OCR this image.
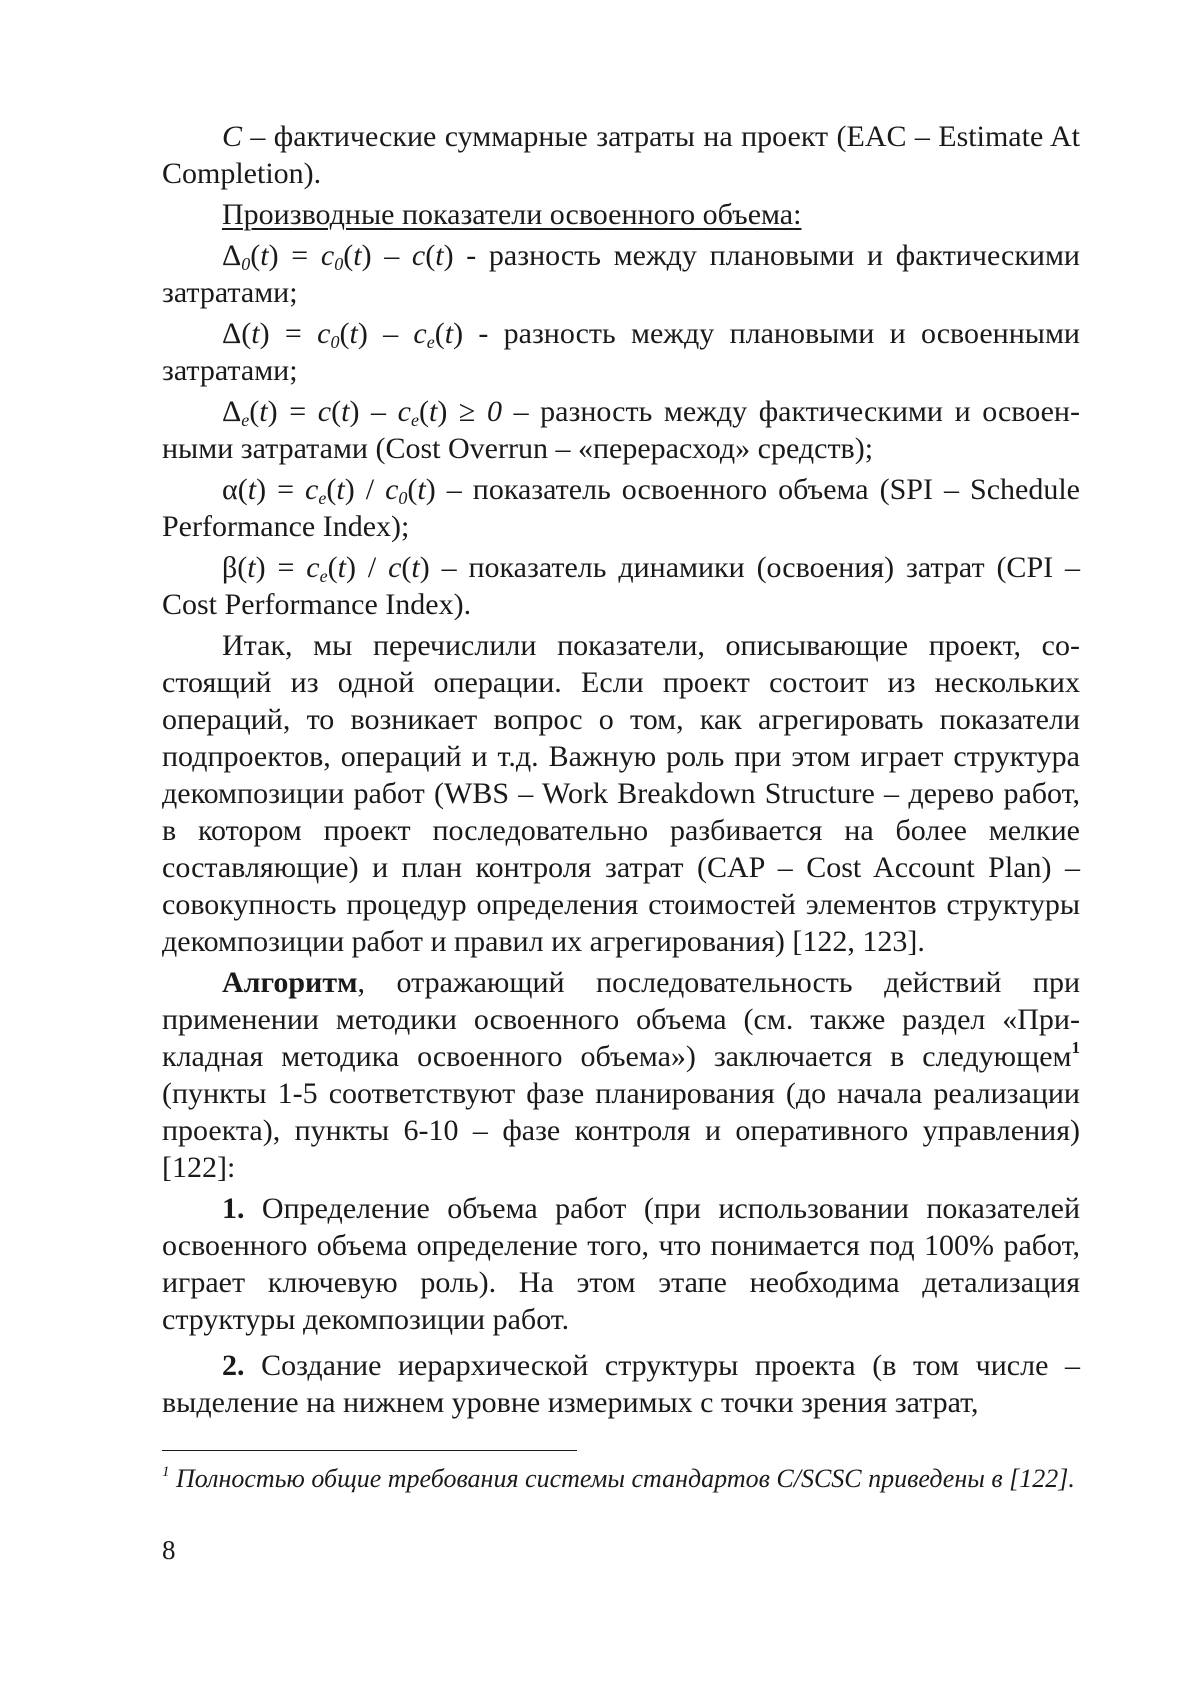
C – фактические суммарные затраты на проект (EAC – Estimate At Completion).

Производные показатели освоенного объема:

$\Delta_0(t) = c_0(t) - c(t)$ - разность между плановыми и фактическими затратами;

$\Delta(t) = c_0(t) - c_e(t)$ - разность между плановыми и освоенными затратами;

$\Delta_e(t) = c(t) - c_e(t) \ge 0$ – разность между фактическими и освоенными затратами (Cost Overrun – «перерасход» средств);

$\alpha(t) = c_e(t) / c_0(t)$ – показатель освоенного объема (SPI – Schedule Performance Index);

$\beta(t) = c_e(t) / c(t)$ – показатель динамики (освоения) затрат (CPI – Cost Performance Index).

Итак, мы перечислили показатели, описывающие проект, состоящий из одной операции. Если проект состоит из нескольких операций, то возникает вопрос о том, как агрегировать показатели подпроектов, операций и т.д. Важную роль при этом играет структура декомпозиции работ (WBS – Work Breakdown Structure – дерево работ, в котором проект последовательно разбивается на более мелкие составляющие) и план контроля затрат (CAP – Cost Account Plan) – совокупность процедур определения стоимостей элементов структуры декомпозиции работ и правил их агрегирования) [122, 123].

Алгоритм, отражающий последовательность действий при применении методики освоенного объема (см. также раздел «Прикладная методика освоенного объема») заключается в следующем$^1$ (пункты 1-5 соответствуют фазе планирования (до начала реализации проекта), пункты 6-10 – фазе контроля и оперативного управления) [122]:

1. Определение объема работ (при использовании показателей освоенного объема определение того, что понимается под 100% работ, играет ключевую роль). На этом этапе необходима детализация структуры декомпозиции работ.

2. Создание иерархической структуры проекта (в том числе – выделение на нижнем уровне измеримых с точки зрения затрат,

$^1$ Полностью общие требования системы стандартов C/SCSC приведены в [122].
8
